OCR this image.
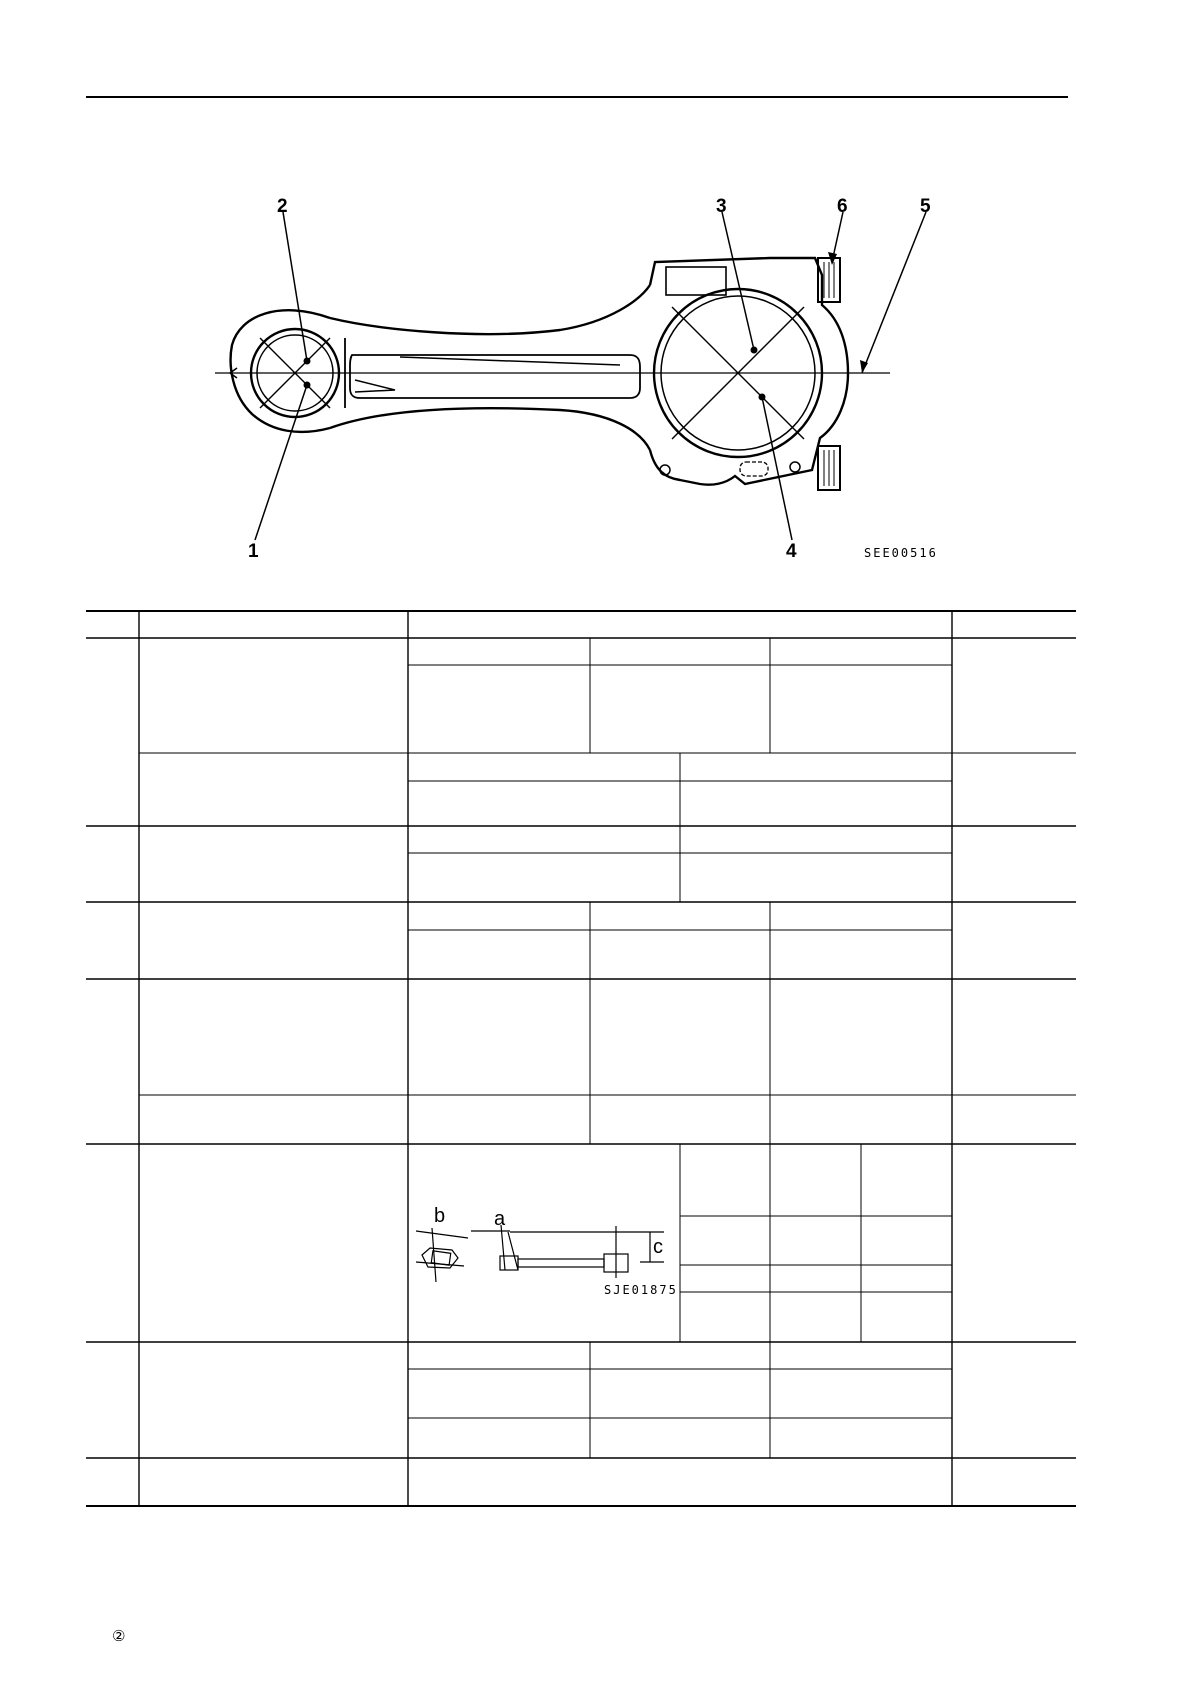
2
1
3
4
5
6
SEE00516
b a
c
SJE01875
②
